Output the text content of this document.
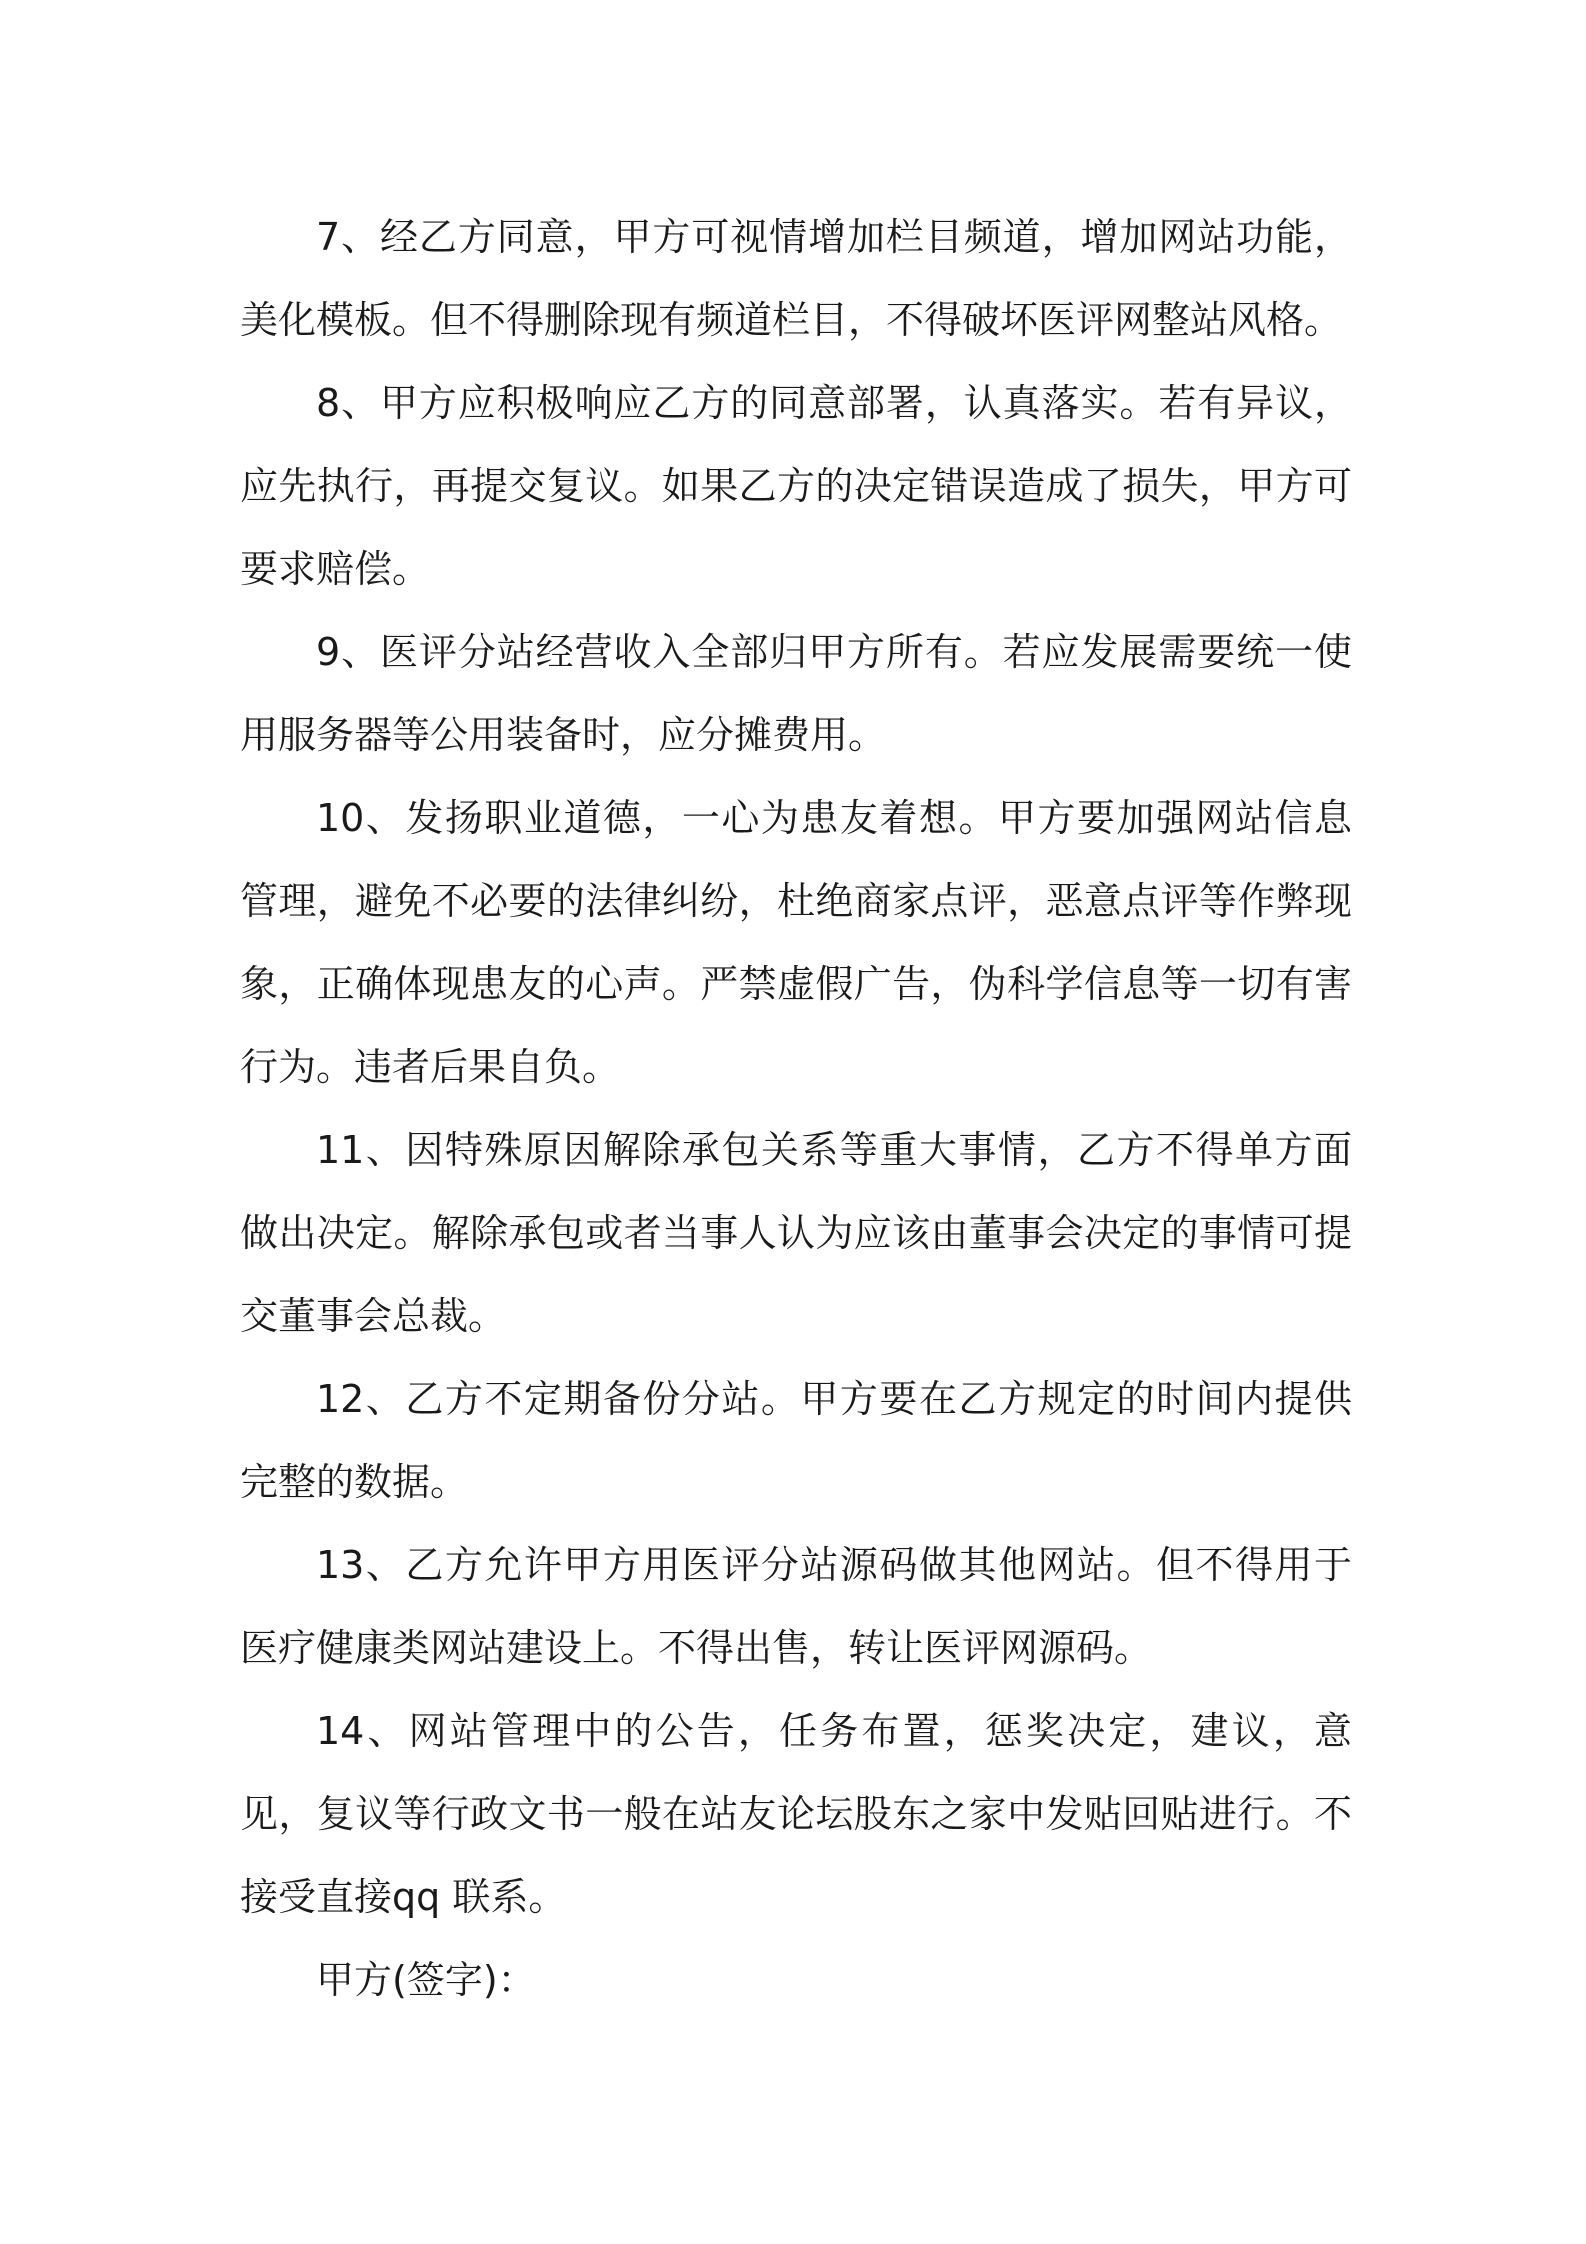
7、经乙方同意，甲方可视情增加栏目频道，增加网站功能，美化模板。但不得删除现有频道栏目，不得破坏医评网整站风格。

8、甲方应积极响应乙方的同意部署，认真落实。若有异议，应先执行，再提交复议。如果乙方的决定错误造成了损失，甲方可要求赔偿。

9、医评分站经营收入全部归甲方所有。若应发展需要统一使用服务器等公用装备时，应分摊费用。

10、发扬职业道德，一心为患友着想。甲方要加强网站信息管理，避免不必要的法律纠纷，杜绝商家点评，恶意点评等作弊现象，正确体现患友的心声。严禁虚假广告，伪科学信息等一切有害行为。违者后果自负。

11、因特殊原因解除承包关系等重大事情，乙方不得单方面做出决定。解除承包或者当事人认为应该由董事会决定的事情可提交董事会总裁。

12、乙方不定期备份分站。甲方要在乙方规定的时间内提供完整的数据。

13、乙方允许甲方用医评分站源码做其他网站。但不得用于医疗健康类网站建设上。不得出售，转让医评网源码。

14、网站管理中的公告，任务布置，惩奖决定，建议，意见，复议等行政文书一般在站友论坛股东之家中发贴回贴进行。不接受直接qq 联系。

甲方(签字)：
